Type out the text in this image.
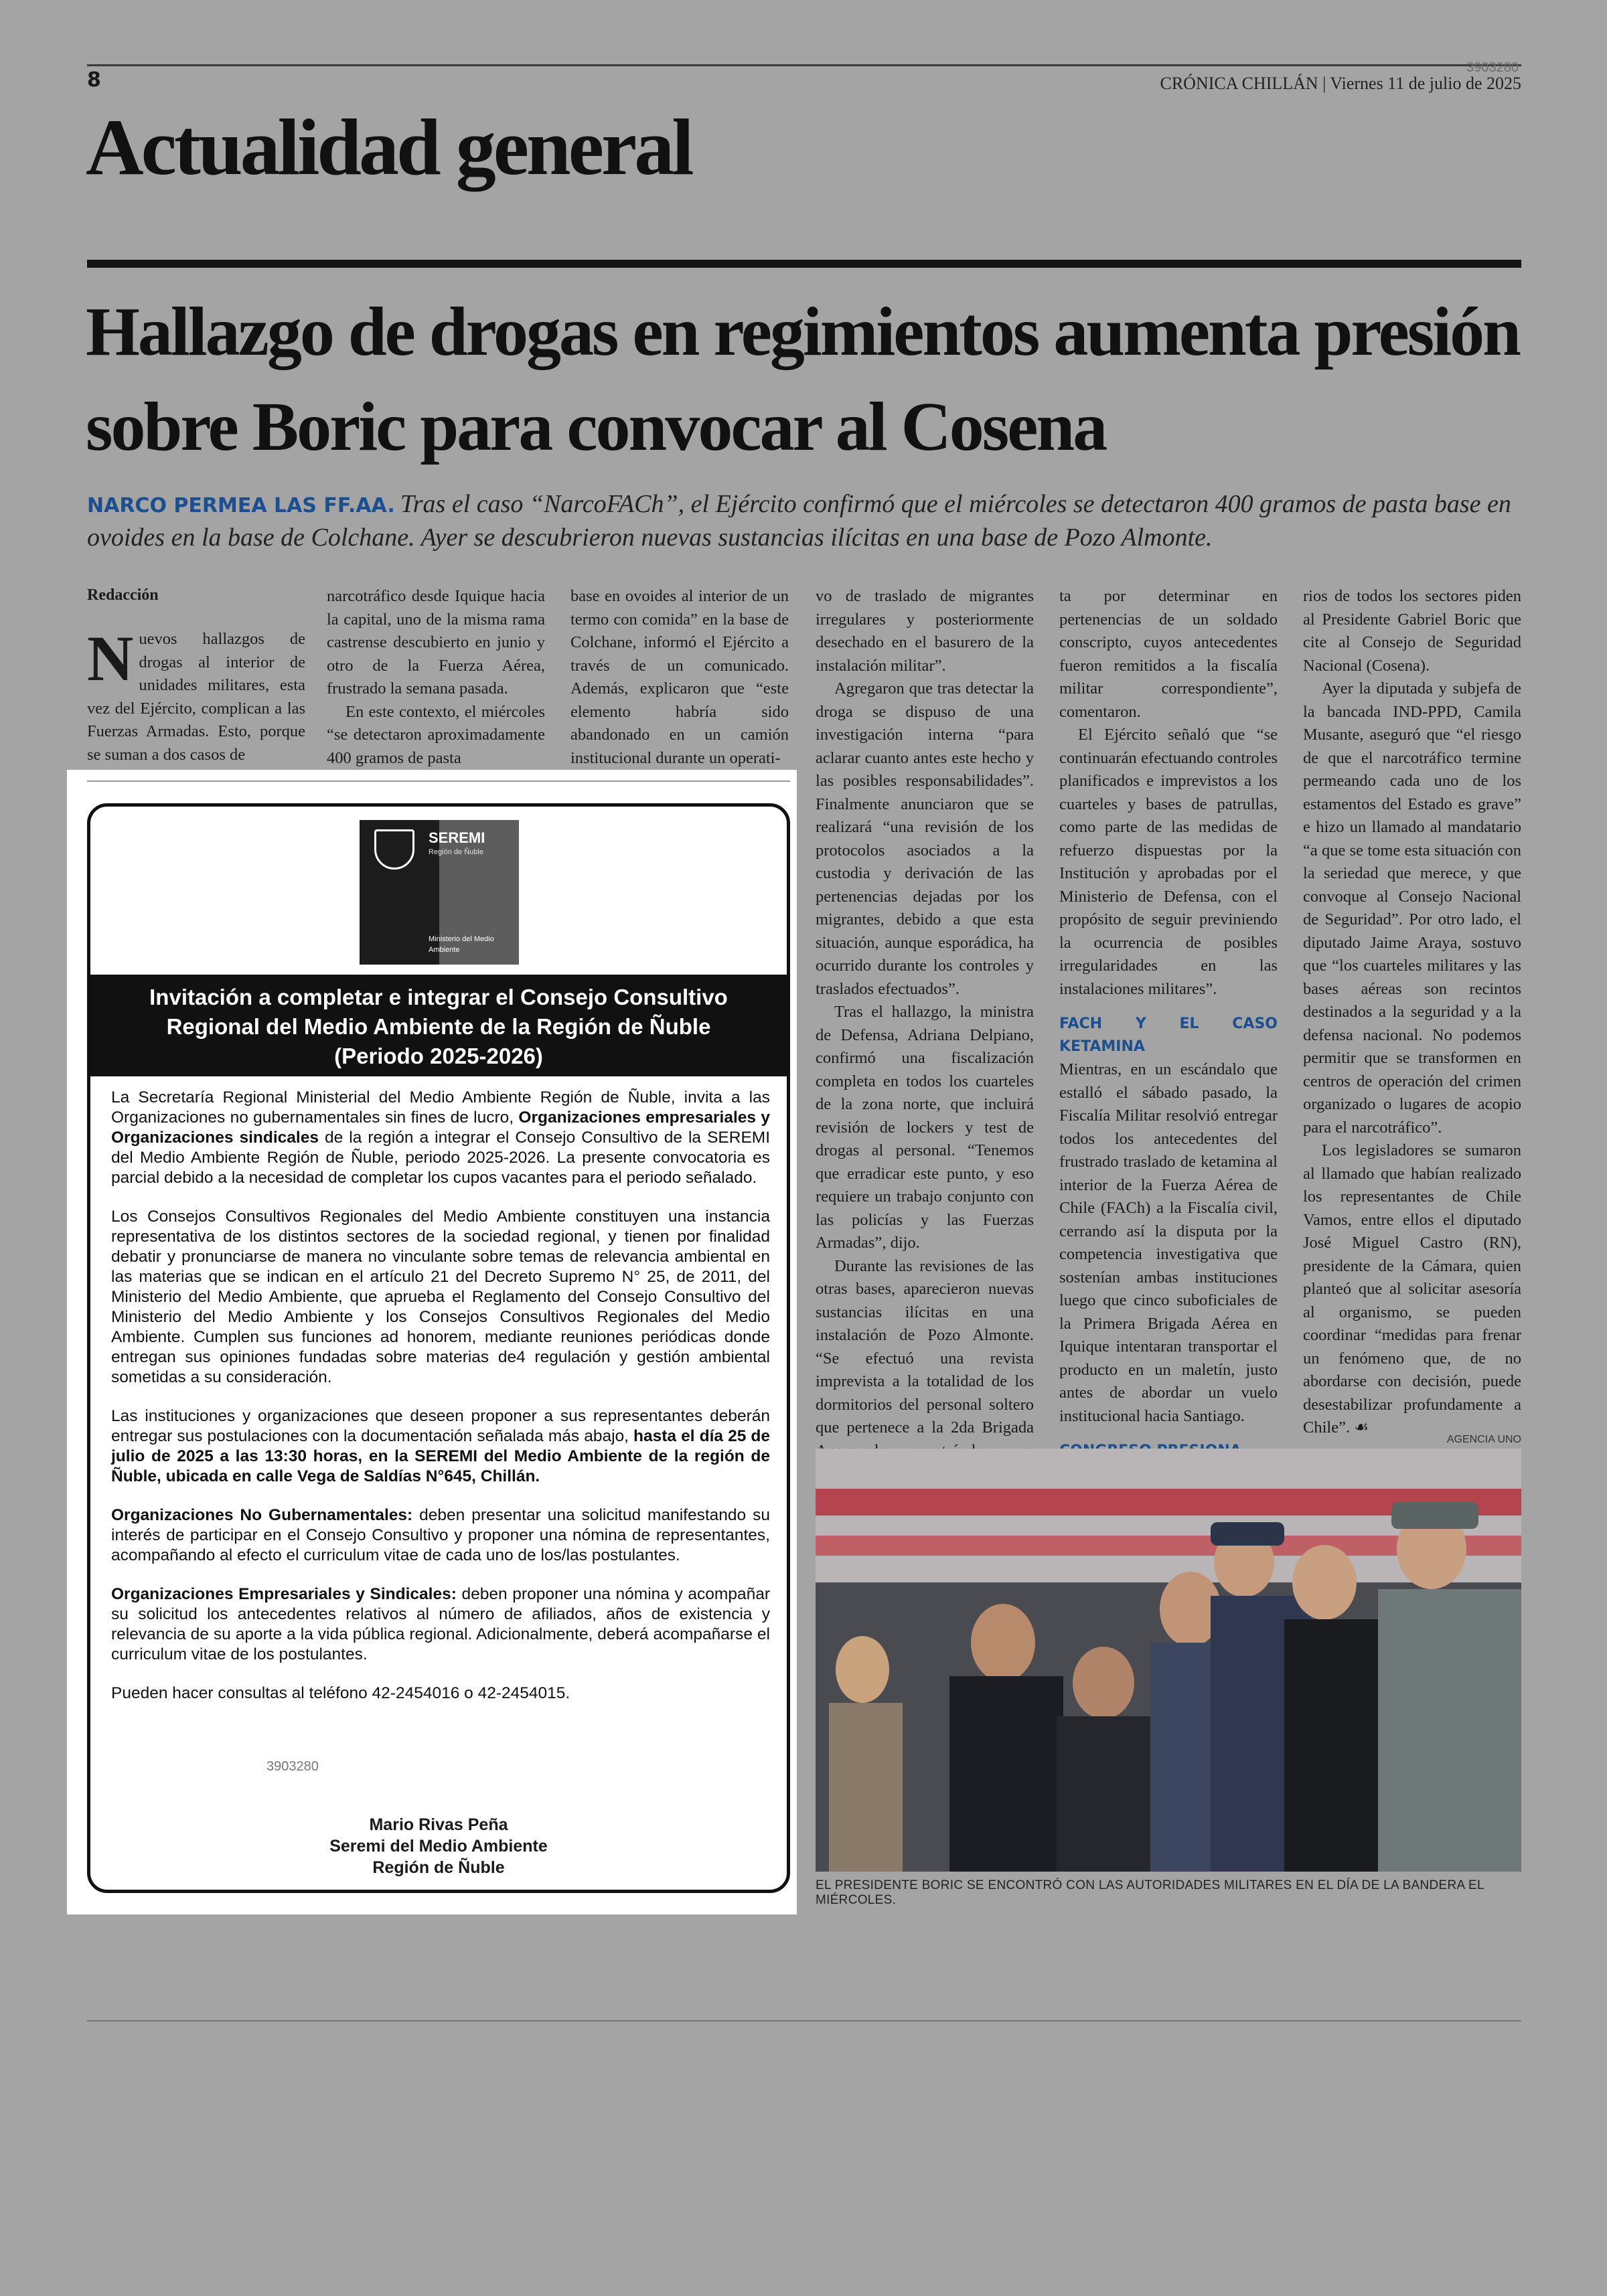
8
3903280
CRÓNICA CHILLÁN | Viernes 11 de julio de 2025
Actualidad general
Hallazgo de drogas en regimientos aumenta presión sobre Boric para convocar al Cosena
NARCO PERMEA LAS FF.AA. Tras el caso “NarcoFACh”, el Ejército confirmó que el miércoles se detectaron 400 gramos de pasta base en ovoides en la base de Colchane. Ayer se descubrieron nuevas sustancias ilícitas en una base de Pozo Almonte.
Redacción

Nuevos hallazgos de drogas al interior de unidades militares, esta vez del Ejército, complican a las Fuerzas Armadas. Esto, porque se suman a dos casos de

narcotráfico desde Iquique hacia la capital, uno de la misma rama castrense descubierto en junio y otro de la Fuerza Aérea, frustrado la semana pasada.

En este contexto, el miércoles “se detectaron aproximadamente 400 gramos de pasta

base en ovoides al interior de un termo con comida” en la base de Colchane, informó el Ejército a través de un comunicado. Además, explicaron que “este elemento habría sido abandonado en un camión institucional durante un operati-

vo de traslado de migrantes irregulares y posteriormente desechado en el basurero de la instalación militar”.

Agregaron que tras detectar la droga se dispuso de una investigación interna “para aclarar cuanto antes este hecho y las posibles responsabilidades”. Finalmente anunciaron que se realizará “una revisión de los protocolos asociados a la custodia y derivación de las pertenencias dejadas por los migrantes, debido a que esta situación, aunque esporádica, ha ocurrido durante los controles y traslados efectuados”.

Tras el hallazgo, la ministra de Defensa, Adriana Delpiano, confirmó una fiscalización completa en todos los cuarteles de la zona norte, que incluirá revisión de lockers y test de drogas al personal. “Tenemos que erradicar este punto, y eso requiere un trabajo conjunto con las policías y las Fuerzas Armadas”, dijo.

Durante las revisiones de las otras bases, aparecieron nuevas sustancias ilícitas en una instalación de Pozo Almonte. “Se efectuó una revista imprevista a la totalidad de los dormitorios del personal soltero que pertenece a la 2da Brigada

ta por determinar en pertenencias de un soldado conscripto, cuyos antecedentes fueron remitidos a la fiscalía militar correspondiente”, comentaron.

El Ejército señaló que “se continuarán efectuando controles planificados e imprevistos a los cuarteles y bases de patrullas, como parte de las medidas de refuerzo dispuestas por la Institución y aprobadas por el Ministerio de Defensa, con el propósito de seguir previniendo la ocurrencia de posibles irregularidades en las instalaciones militares”.

FACH Y EL CASO KETAMINA

Mientras, en un escándalo que estalló el sábado pasado, la Fiscalía Militar resolvió entregar todos los antecedentes del frustrado traslado de ketamina al interior de la Fuerza Aérea de Chile (FACh) a la Fiscalía civil, cerrando así la disputa por la competencia investigativa que sostenían ambas instituciones luego que cinco suboficiales de la Primera Brigada Aérea en Iquique intentaran transportar el producto en un maletín, justo antes de abordar un vuelo institucional hacia Santiago.

rios de todos los sectores piden al Presidente Gabriel Boric que cite al Consejo de Seguridad Nacional (Cosena).

Ayer la diputada y subjefa de la bancada IND-PPD, Camila Musante, aseguró que “el riesgo de que el narcotráfico termine permeando cada uno de los estamentos del Estado es grave” e hizo un llamado al mandatario “a que se tome esta situación con la seriedad que merece, y que convoque al Consejo Nacional de Seguridad”. Por otro lado, el diputado Jaime Araya, sostuvo que “los cuarteles militares y las bases aéreas son recintos destinados a la seguridad y a la defensa nacional. No podemos permitir que se transformen en centros de operación del crimen organizado o lugares de acopio para el narcotráfico”.

Los legisladores se sumaron al llamado que habían realizado los representantes de Chile Vamos, entre ellos el diputado José Miguel Castro (RN), presidente de la Cámara, quien planteó que al solicitar asesoría al organismo, se pueden coordinar “medidas para frenar un fenómeno que, de no abordarse con decisión, puede desestabilizar profundamente a Chile”. ☙

AGENCIA UNO
EL PRESIDENTE BORIC SE ENCONTRÓ CON LAS AUTORIDADES MILITARES EN EL DÍA DE LA BANDERA EL MIÉRCOLES.
SEREMI
Región de Ñuble
Ministerio del Medio Ambiente
Invitación a completar e integrar el Consejo Consultivo
Regional del Medio Ambiente de la Región de Ñuble
(Periodo 2025-2026)

La Secretaría Regional Ministerial del Medio Ambiente Región de Ñuble, invita a las Organizaciones no gubernamentales sin fines de lucro, Organizaciones empresariales y Organizaciones sindicales de la región a integrar el Consejo Consultivo de la SEREMI del Medio Ambiente Región de Ñuble, periodo 2025-2026. La presente convocatoria es parcial debido a la necesidad de completar los cupos vacantes para el periodo señalado.

Los Consejos Consultivos Regionales del Medio Ambiente constituyen una instancia representativa de los distintos sectores de la sociedad regional, y tienen por finalidad debatir y pronunciarse de manera no vinculante sobre temas de relevancia ambiental en las materias que se indican en el artículo 21 del Decreto Supremo N° 25, de 2011, del Ministerio del Medio Ambiente, que aprueba el Reglamento del Consejo Consultivo del Ministerio del Medio Ambiente y los Consejos Consultivos Regionales del Medio Ambiente. Cumplen sus funciones ad honorem, mediante reuniones periódicas donde entregan sus opiniones fundadas sobre materias de4 regulación y gestión ambiental sometidas a su consideración.

Las instituciones y organizaciones que deseen proponer a sus representantes deberán entregar sus postulaciones con la documentación señalada más abajo, hasta el día 25 de julio de 2025 a las 13:30 horas, en la SEREMI del Medio Ambiente de la región de Ñuble, ubicada en calle Vega de Saldías N°645, Chillán.

Organizaciones No Gubernamentales: deben presentar una solicitud manifestando su interés de participar en el Consejo Consultivo y proponer una nómina de representantes, acompañando al efecto el curriculum vitae de cada uno de los/las postulantes.

Organizaciones Empresariales y Sindicales: deben proponer una nómina y acompañar su solicitud los antecedentes relativos al número de afiliados, años de existencia y relevancia de su aporte a la vida pública regional. Adicionalmente, deberá acompañarse el curriculum vitae de los postulantes.

Pueden hacer consultas al teléfono 42-2454016 o 42-2454015.

3903280
Mario Rivas Peña
Seremi del Medio Ambiente
Región de Ñuble
